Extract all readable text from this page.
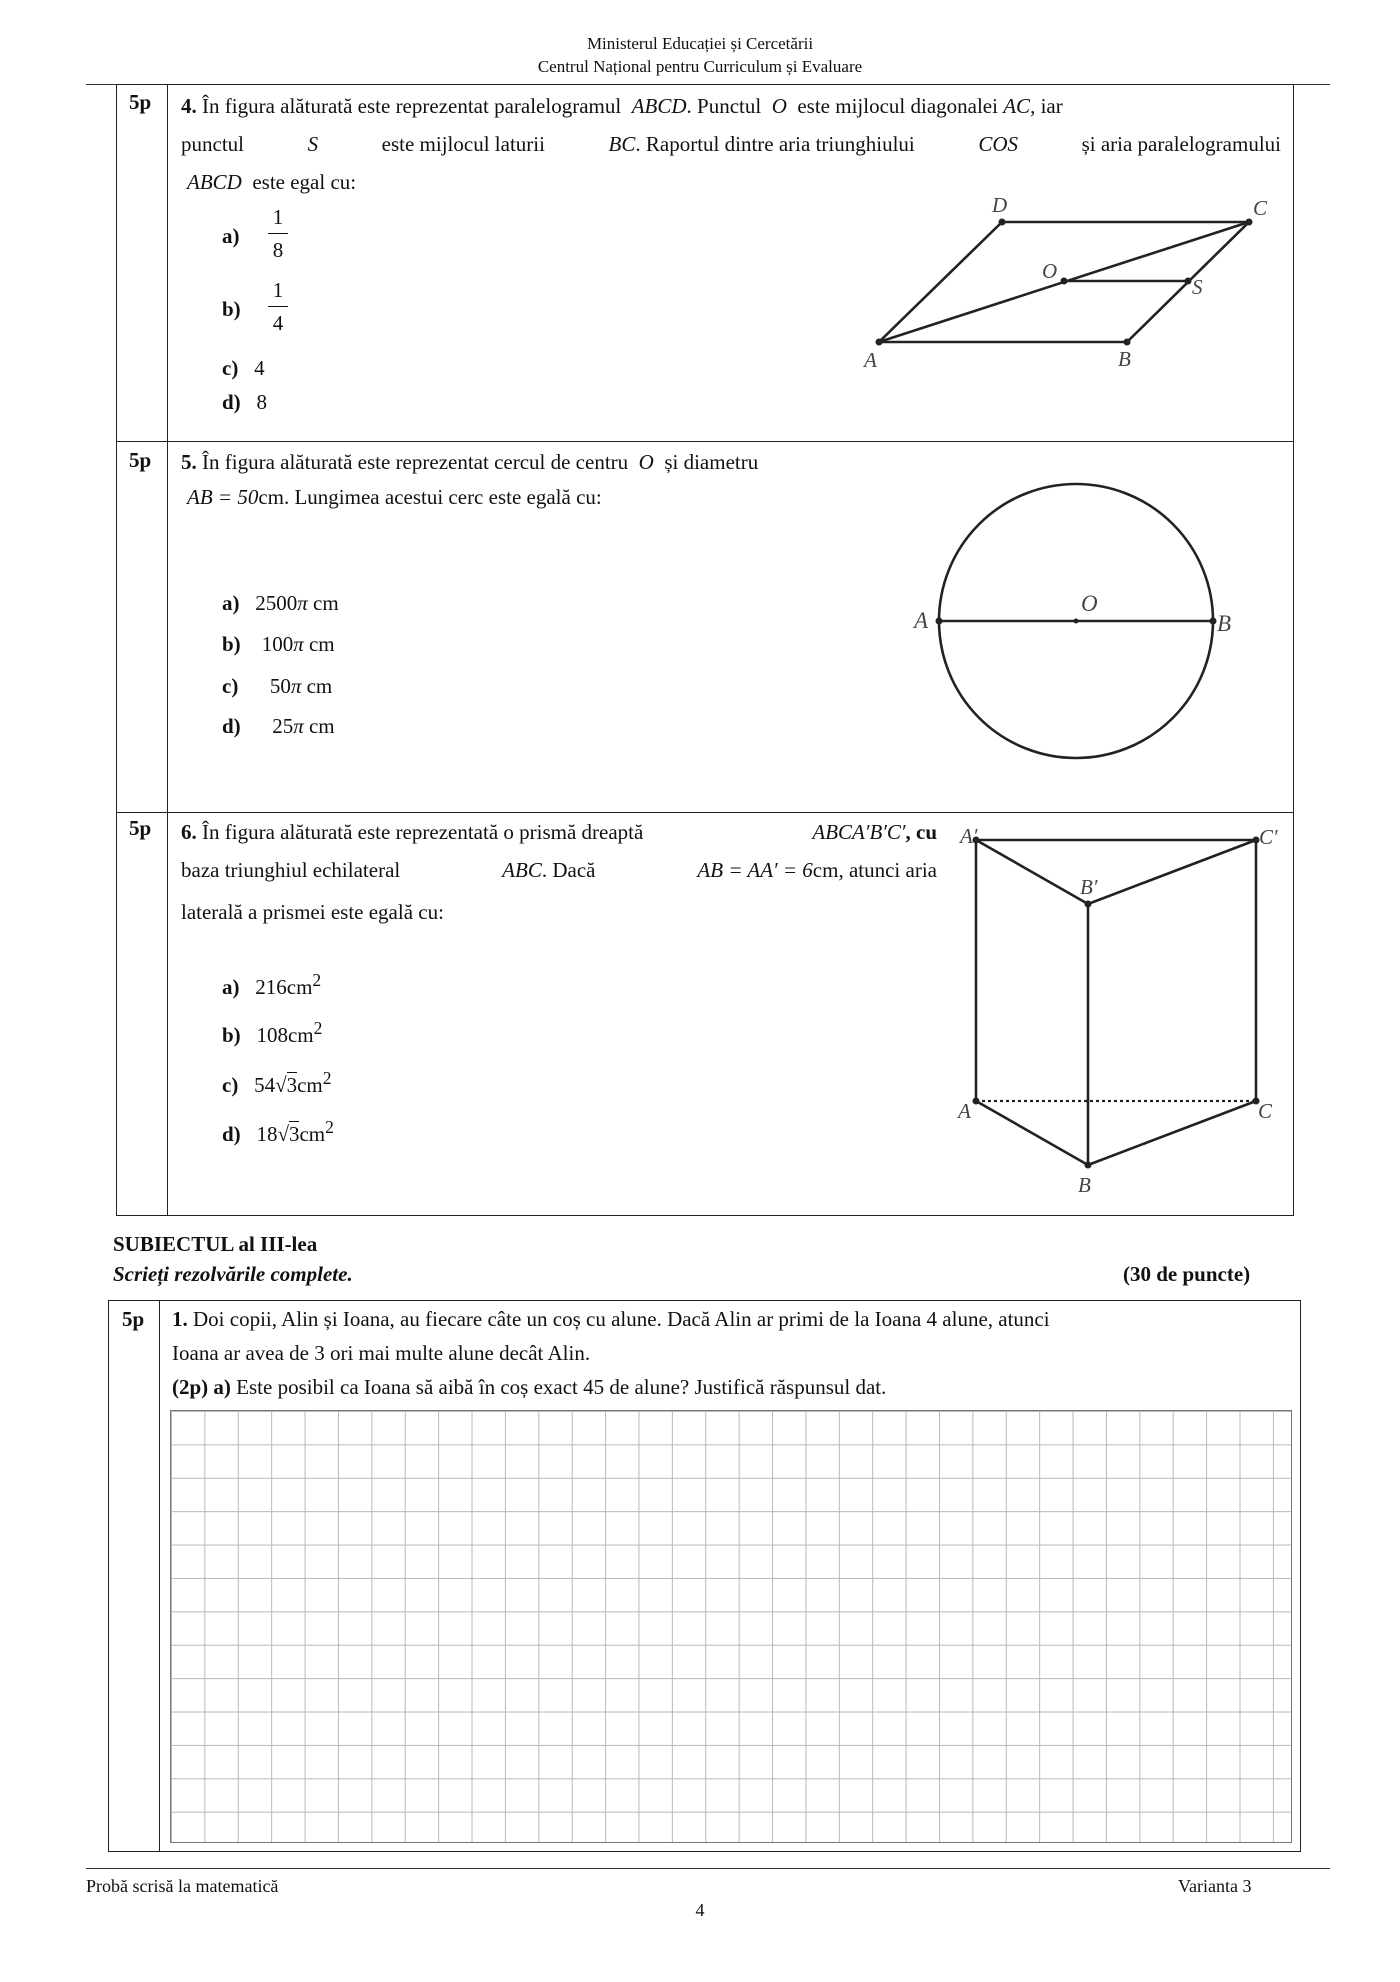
Ministerul Educației și Cercetării
Centrul Național pentru Curriculum și Evaluare
5p 4. În figura alăturată este reprezentat paralelogramul ABCD. Punctul O este mijlocul diagonalei AC, iar
punctul	S	este mijlocul laturii	BC. Raportul dintre aria triunghiului	COS	și aria paralelogramului
ABCD este egal cu:
a)
1
8
b)
1
4
c) 4
d) 8
A	B
C
D
O
S
5p 5. În figura alăturată este reprezentat cercul de centru O și diametru
AB = 50cm. Lungimea acestui cerc este egală cu:
a) 2500π cm
b) 100π cm
c) 50π cm
d) 25π cm
A	B
O
5p 6. În figura alăturată este reprezentată o prismă dreaptă	ABCA′B′C′, cu
baza triunghiul echilateral	ABC. Dacă	AB = AA′ = 6cm, atunci aria
laterală a prismei este egală cu:
a) $216cm^2$
b) $108cm^2$
c) $54√3cm^2$
d) $18√3cm^2$
A′
B′
C′
A
B
C
SUBIECTUL al III-lea
Scrieți rezolvările complete.	(30 de puncte)
5p 1. Doi copii, Alin și Ioana, au fiecare câte un coș cu alune. Dacă Alin ar primi de la Ioana 4 alune, atunci
Ioana ar avea de 3 ori mai multe alune decât Alin.
(2p) a) Este posibil ca Ioana să aibă în coș exact 45 de alune? Justifică răspunsul dat.
Probă scrisă la matematică	Varianta 3
4
